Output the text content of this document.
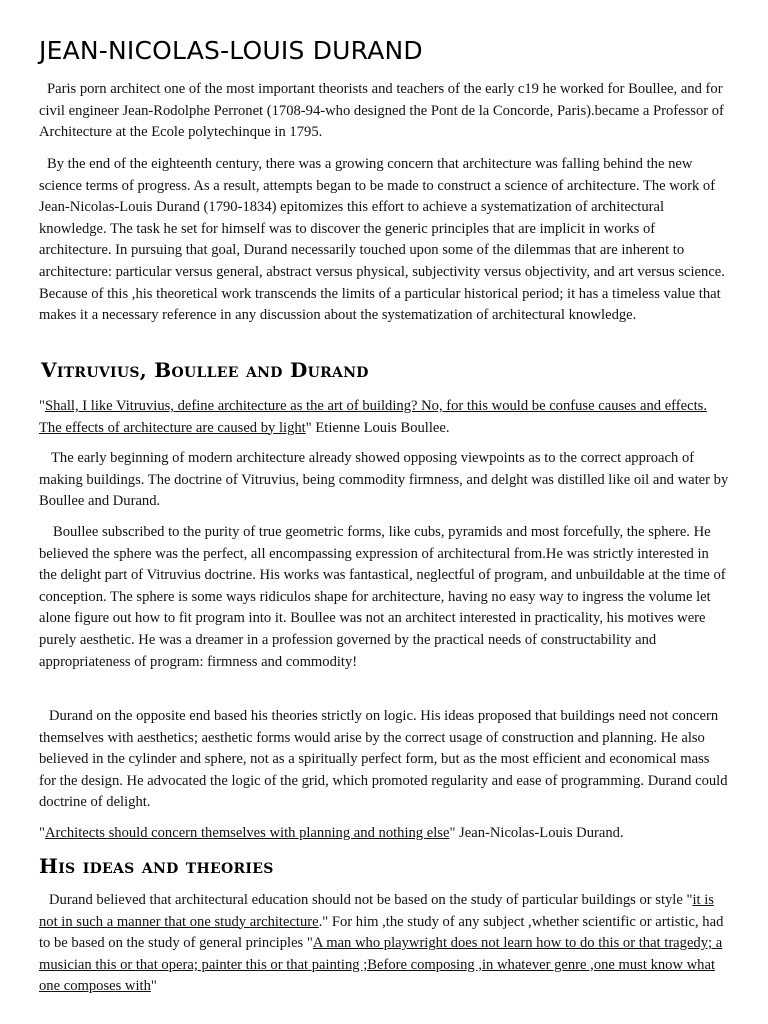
JEAN-NICOLAS-LOUIS DURAND

Paris porn architect one of the most important theorists and teachers of the early c19 he worked for Boullee, and for civil engineer Jean-Rodolphe Perronet (1708-94-who designed the Pont de la Concorde, Paris).became a Professor of Architecture at the Ecole polytechinque in 1795.

By the end of the eighteenth century, there was a growing concern that architecture was falling behind the new science terms of progress. As a result, attempts began to be made to construct a science of architecture. The work of Jean-Nicolas-Louis Durand (1790-1834) epitomizes this effort to achieve a systematization of architectural knowledge. The task he set for himself was to discover the generic principles that are implicit in works of architecture. In pursuing that goal, Durand necessarily touched upon some of the dilemmas that are inherent to architecture: particular versus general, abstract versus physical, subjectivity versus objectivity, and art versus science. Because of this ,his theoretical work transcends the limits of a particular historical period; it has a timeless value that makes it a necessary reference in any discussion about the systematization of architectural knowledge.

Vitruvius, Boullee and Durand

"Shall, I like Vitruvius, define architecture as the art of building? No, for this would be confuse causes and effects. The effects of architecture are caused by light" Etienne Louis Boullee.

The early beginning of modern architecture already showed opposing viewpoints as to the correct approach of making buildings. The doctrine of Vitruvius, being commodity firmness, and delght was distilled like oil and water by Boullee and Durand.

Boullee subscribed to the purity of true geometric forms, like cubs, pyramids and most forcefully, the sphere. He believed the sphere was the perfect, all encompassing expression of architectural from.He was strictly interested in the delight part of Vitruvius doctrine. His works was fantastical, neglectful of program, and unbuildable at the time of conception. The sphere is some ways ridiculos shape for architecture, having no easy way to ingress the volume let alone figure out how to fit program into it. Boullee was not an architect interested in practicality, his motives were purely aesthetic. He was a dreamer in a profession governed by the practical needs of constructability and appropriateness of program: firmness and commodity!

Durand on the opposite end based his theories strictly on logic. His ideas proposed that buildings need not concern themselves with aesthetics; aesthetic forms would arise by the correct usage of construction and planning. He also believed in the cylinder and sphere, not as a spiritually perfect form, but as the most efficient and economical mass for the design. He advocated the logic of the grid, which promoted regularity and ease of programming. Durand could doctrine of delight.

"Architects should concern themselves with planning and nothing else" Jean-Nicolas-Louis Durand.

His ideas and theories

Durand believed that architectural education should not be based on the study of particular buildings or style "it is not in such a manner that one study architecture." For him ,the study of any subject ,whether scientific or artistic, had to be based on the study of general principles "A man who playwright does not learn how to do this or that tragedy; a musician this or that opera; painter this or that painting ;Before composing ,in whatever genre ,one must know what one composes with"
